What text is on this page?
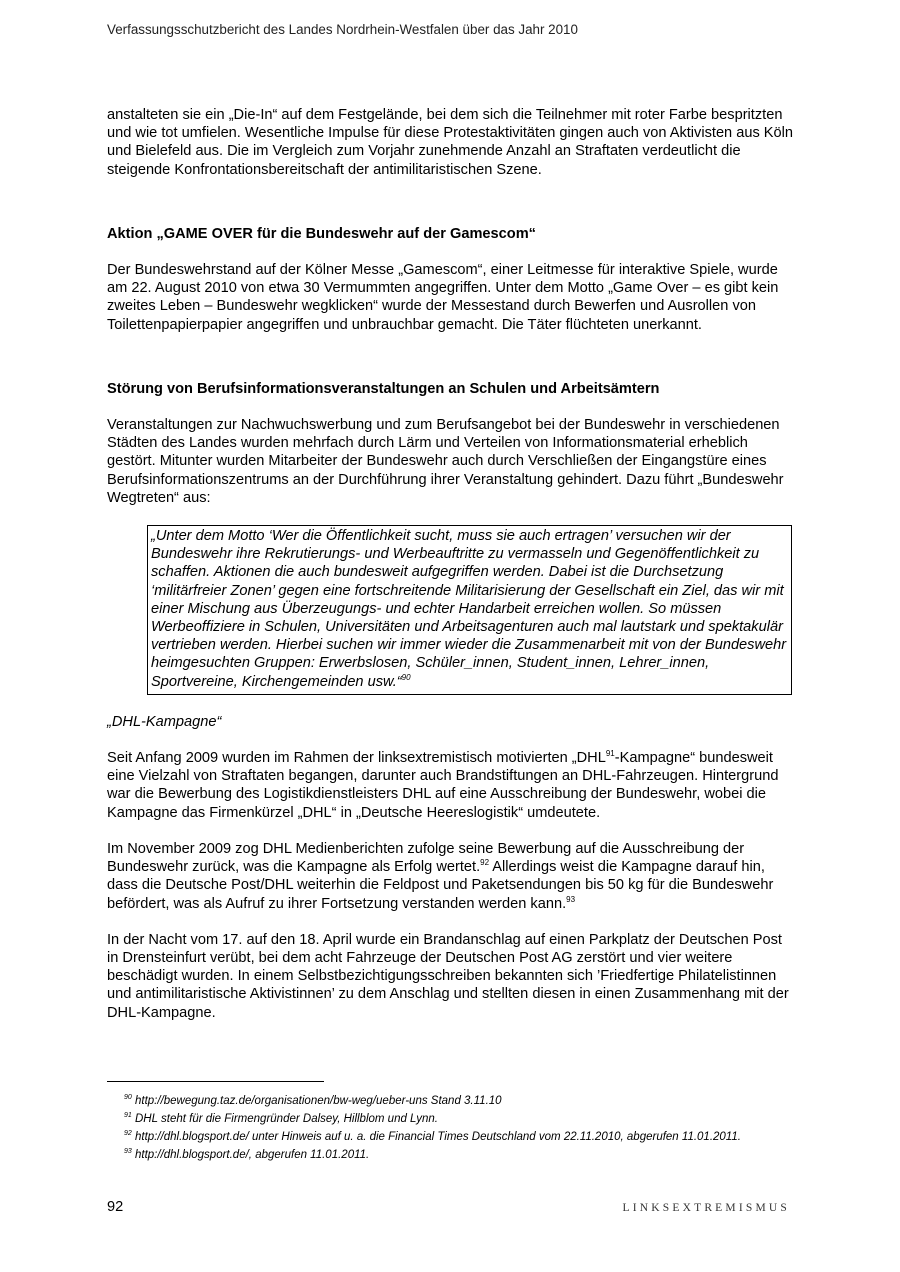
Verfassungsschutzbericht des Landes Nordrhein-Westfalen über das Jahr 2010

anstalteten sie ein „Die-In“ auf dem Festgelände, bei dem sich die Teilnehmer mit roter Farbe bespritzten und wie tot umfielen. Wesentliche Impulse für diese Protestaktivitäten gingen auch von Aktivisten aus Köln und Bielefeld aus. Die im Vergleich zum Vorjahr zunehmende Anzahl an Straftaten verdeutlicht die steigende Konfrontationsbereitschaft der antimilitaristischen Szene.

Aktion „GAME OVER für die Bundeswehr auf der Gamescom“

Der Bundeswehrstand auf der Kölner Messe „Gamescom“, einer Leitmesse für interaktive Spiele, wurde am 22. August 2010 von etwa 30 Vermummten angegriffen. Unter dem Motto „Game Over – es gibt kein zweites Leben – Bundeswehr wegklicken“ wurde der Messestand durch Bewerfen und Ausrollen von Toilettenpapierpapier angegriffen und unbrauchbar gemacht. Die Täter flüchteten unerkannt.

Störung von Berufsinformationsveranstaltungen an Schulen und Arbeitsämtern

Veranstaltungen zur Nachwuchswerbung und zum Berufsangebot bei der Bundeswehr in verschiedenen Städten des Landes wurden mehrfach durch Lärm und Verteilen von Informationsmaterial erheblich gestört. Mitunter wurden Mitarbeiter der Bundeswehr auch durch Verschließen der Eingangstüre eines Berufsinformationszentrums an der Durchführung ihrer Veranstaltung gehindert. Dazu führt „Bundeswehr Wegtreten“ aus:

„Unter dem Motto ‘Wer die Öffentlichkeit sucht, muss sie auch ertragen’ versuchen wir der Bundeswehr ihre Rekrutierungs- und Werbeauftritte zu vermasseln und Gegenöffentlichkeit zu schaffen. Aktionen die auch bundesweit aufgegriffen werden. Dabei ist die Durchsetzung ‘militärfreier Zonen’ gegen eine fortschreitende Militarisierung der Gesellschaft ein Ziel, das wir mit einer Mischung aus Überzeugungs- und echter Handarbeit erreichen wollen. So müssen Werbeoffiziere in Schulen, Universitäten und Arbeitsagenturen auch mal lautstark und spektakulär vertrieben werden. Hierbei suchen wir immer wieder die Zusammenarbeit mit von der Bundeswehr heimgesuchten Gruppen: Erwerbslosen, Schüler_innen, Student_innen, Lehrer_innen, Sportvereine, Kirchengemeinden usw.“$^{90}$

„DHL-Kampagne“

Seit Anfang 2009 wurden im Rahmen der linksextremistisch motivierten „DHL$^{91}$-Kampagne“ bundesweit eine Vielzahl von Straftaten begangen, darunter auch Brandstiftungen an DHL-Fahrzeugen. Hintergrund war die Bewerbung des Logistikdienstleisters DHL auf eine Ausschreibung der Bundeswehr, wobei die Kampagne das Firmenkürzel „DHL“ in „Deutsche Heereslogistik“ umdeutete.

Im November 2009 zog DHL Medienberichten zufolge seine Bewerbung auf die Ausschreibung der Bundeswehr zurück, was die Kampagne als Erfolg wertet.$^{92}$ Allerdings weist die Kampagne darauf hin, dass die Deutsche Post/DHL weiterhin die Feldpost und Paketsendungen bis 50 kg für die Bundeswehr befördert, was als Aufruf zu ihrer Fortsetzung verstanden werden kann.$^{93}$

In der Nacht vom 17. auf den 18. April wurde ein Brandanschlag auf einen Parkplatz der Deutschen Post in Drensteinfurt verübt, bei dem acht Fahrzeuge der Deutschen Post AG zerstört und vier weitere beschädigt wurden. In einem Selbstbezichtigungsschreiben bekannten sich ’Friedfertige Philatelistinnen und antimilitaristische Aktivistinnen’ zu dem Anschlag und stellten diesen in einen Zusammenhang mit der DHL-Kampagne.

$^{90}$ http://bewegung.taz.de/organisationen/bw-weg/ueber-uns Stand 3.11.10
$^{91}$ DHL steht für die Firmengründer Dalsey, Hillblom und Lynn.
$^{92}$ http://dhl.blogsport.de/ unter Hinweis auf u. a. die Financial Times Deutschland vom 22.11.2010, abgerufen 11.01.2011.
$^{93}$ http://dhl.blogsport.de/, abgerufen 11.01.2011.
92	LINKSEXTREMISMUS
